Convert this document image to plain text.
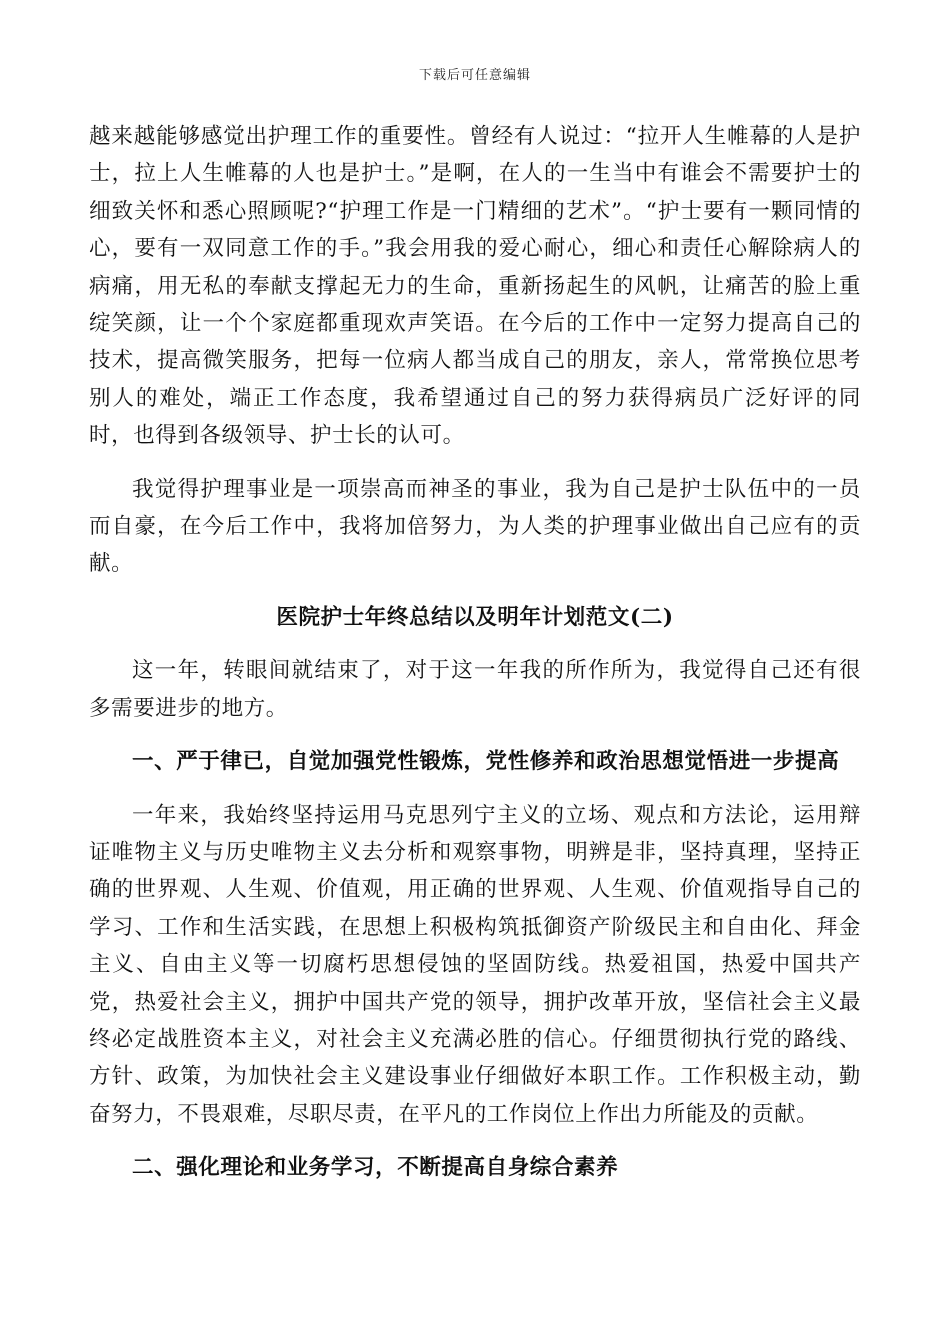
下载后可任意编辑

越来越能够感觉出护理工作的重要性。曾经有人说过：“拉开人生帷幕的人是护士，拉上人生帷幕的人也是护士。”是啊，在人的一生当中有谁会不需要护士的细致关怀和悉心照顾呢?“护理工作是一门精细的艺术”。“护士要有一颗同情的心，要有一双同意工作的手。”我会用我的爱心耐心，细心和责任心解除病人的病痛，用无私的奉献支撑起无力的生命，重新扬起生的风帆，让痛苦的脸上重绽笑颜，让一个个家庭都重现欢声笑语。在今后的工作中一定努力提高自己的技术，提高微笑服务，把每一位病人都当成自己的朋友，亲人，常常换位思考别人的难处，端正工作态度，我希望通过自己的努力获得病员广泛好评的同时，也得到各级领导、护士长的认可。

我觉得护理事业是一项崇高而神圣的事业，我为自己是护士队伍中的一员而自豪，在今后工作中，我将加倍努力，为人类的护理事业做出自己应有的贡献。

医院护士年终总结以及明年计划范文(二)

这一年，转眼间就结束了，对于这一年我的所作所为，我觉得自己还有很多需要进步的地方。

一、严于律已，自觉加强党性锻炼，党性修养和政治思想觉悟进一步提高

一年来，我始终坚持运用马克思列宁主义的立场、观点和方法论，运用辩证唯物主义与历史唯物主义去分析和观察事物，明辨是非，坚持真理，坚持正确的世界观、人生观、价值观，用正确的世界观、人生观、价值观指导自己的学习、工作和生活实践，在思想上积极构筑抵御资产阶级民主和自由化、拜金主义、自由主义等一切腐朽思想侵蚀的坚固防线。热爱祖国，热爱中国共产党，热爱社会主义，拥护中国共产党的领导，拥护改革开放，坚信社会主义最终必定战胜资本主义，对社会主义充满必胜的信心。仔细贯彻执行党的路线、方针、政策，为加快社会主义建设事业仔细做好本职工作。工作积极主动，勤奋努力，不畏艰难，尽职尽责，在平凡的工作岗位上作出力所能及的贡献。

二、强化理论和业务学习，不断提高自身综合素养
